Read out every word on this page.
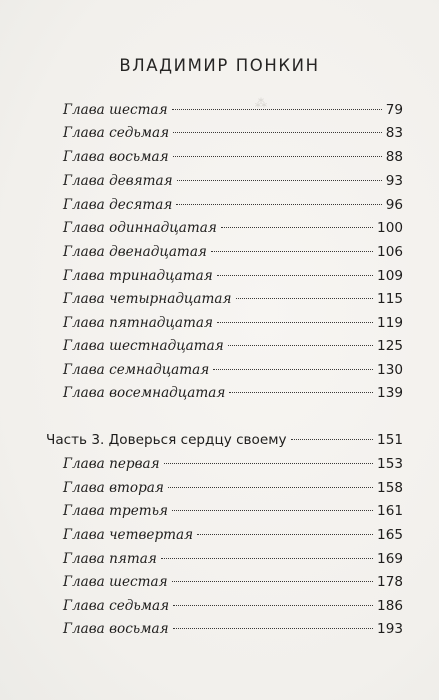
⁂
ВЛАДИМИР ПОНКИН
Глава шестая	79
Глава седьмая	83
Глава восьмая	88
Глава девятая	93
Глава десятая	96
Глава одиннадцатая	100
Глава двенадцатая	106
Глава тринадцатая	109
Глава четырнадцатая	115
Глава пятнадцатая	119
Глава шестнадцатая	125
Глава семнадцатая	130
Глава восемнадцатая	139
Часть 3. Доверься сердцу своему	151
Глава первая	153
Глава вторая	158
Глава третья	161
Глава четвертая	165
Глава пятая	169
Глава шестая	178
Глава седьмая	186
Глава восьмая	193
